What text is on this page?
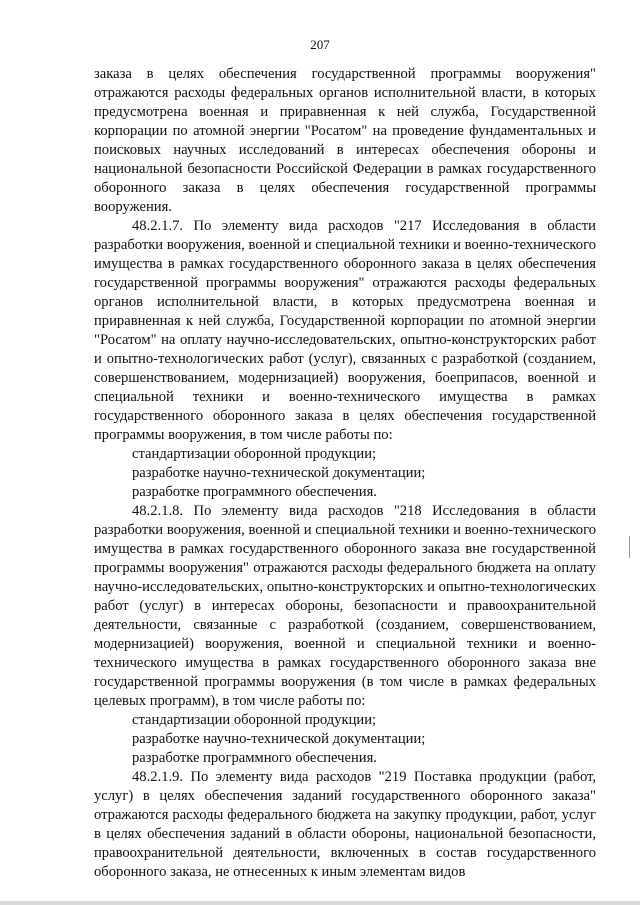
207

заказа в целях обеспечения государственной программы вооружения" отражаются расходы федеральных органов исполнительной власти, в которых предусмотрена военная и приравненная к ней служба, Государственной корпорации по атомной энергии "Росатом" на проведение фундаментальных и поисковых научных исследований в интересах обеспечения обороны и национальной безопасности Российской Федерации в рамках государственного оборонного заказа в целях обеспечения государственной программы вооружения.

48.2.1.7. По элементу вида расходов "217 Исследования в области разработки вооружения, военной и специальной техники и военно-технического имущества в рамках государственного оборонного заказа в целях обеспечения государственной программы вооружения" отражаются расходы федеральных органов исполнительной власти, в которых предусмотрена военная и приравненная к ней служба, Государственной корпорации по атомной энергии "Росатом" на оплату научно-исследовательских, опытно-конструкторских работ и опытно-технологических работ (услуг), связанных с разработкой (созданием, совершенствованием, модернизацией) вооружения, боеприпасов, военной и специальной техники и военно-технического имущества в рамках государственного оборонного заказа в целях обеспечения государственной программы вооружения, в том числе работы по:

стандартизации оборонной продукции;

разработке научно-технической документации;

разработке программного обеспечения.

48.2.1.8. По элементу вида расходов "218 Исследования в области разработки вооружения, военной и специальной техники и военно-технического имущества в рамках государственного оборонного заказа вне государственной программы вооружения" отражаются расходы федерального бюджета на оплату научно-исследовательских, опытно-конструкторских и опытно-технологических работ (услуг) в интересах обороны, безопасности и правоохранительной деятельности, связанные с разработкой (созданием, совершенствованием, модернизацией) вооружения, военной и специальной техники и военно-технического имущества в рамках государственного оборонного заказа вне государственной программы вооружения (в том числе в рамках федеральных целевых программ), в том числе работы по:

стандартизации оборонной продукции;

разработке научно-технической документации;

разработке программного обеспечения.

48.2.1.9. По элементу вида расходов "219 Поставка продукции (работ, услуг) в целях обеспечения заданий государственного оборонного заказа" отражаются расходы федерального бюджета на закупку продукции, работ, услуг в целях обеспечения заданий в области обороны, национальной безопасности, правоохранительной деятельности, включенных в состав государственного оборонного заказа, не отнесенных к иным элементам видов
